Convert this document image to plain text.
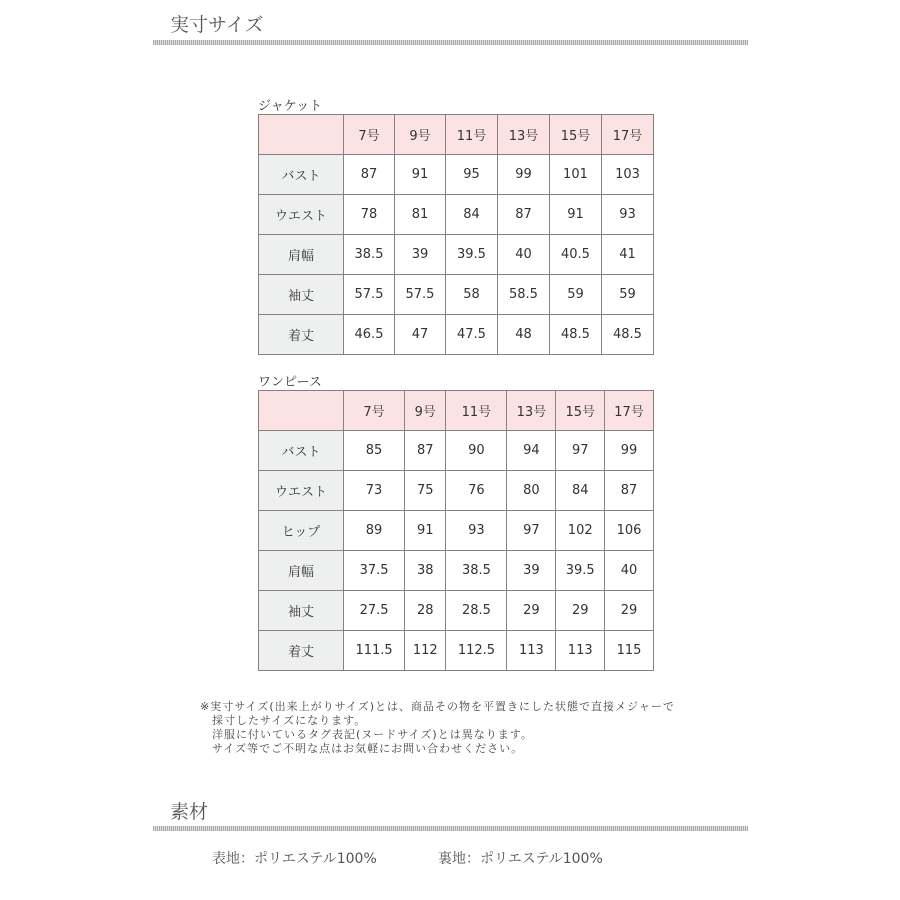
実寸サイズ
ジャケット
	7号	9号	11号	13号	15号	17号
バスト	87	91	95	99	101	103
ウエスト	78	81	84	87	91	93
肩幅	38.5	39	39.5	40	40.5	41
袖丈	57.5	57.5	58	58.5	59	59
着丈	46.5	47	47.5	48	48.5	48.5
ワンピース
	7号	9号	11号	13号	15号	17号
バスト	85	87	90	94	97	99
ウエスト	73	75	76	80	84	87
ヒップ	89	91	93	97	102	106
肩幅	37.5	38	38.5	39	39.5	40
袖丈	27.5	28	28.5	29	29	29
着丈	111.5	112	112.5	113	113	115
※実寸サイズ(出来上がりサイズ)とは、商品その物を平置きにした状態で直接メジャーで
　採寸したサイズになります。
　洋服に付いているタグ表記(ヌードサイズ)とは異なります。
　サイズ等でご不明な点はお気軽にお問い合わせください。
素材
表地：ポリエステル100%	裏地：ポリエステル100%
